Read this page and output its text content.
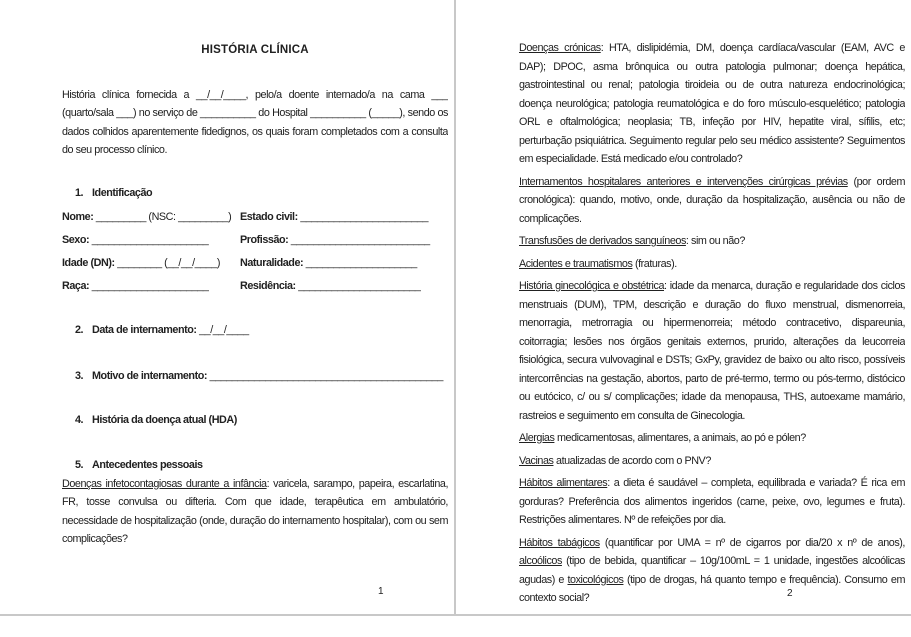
HISTÓRIA CLÍNICA

História clínica fornecida a __/__/____, pelo/a doente internado/a na cama ___ (quarto/sala ___) no serviço de __________ do Hospital __________ (_____), sendo os dados colhidos aparentemente fidedignos, os quais foram completados com a consulta do seu processo clínico.

1. Identificação
Nome: _________ (NSC: _________) Estado civil: _______________________
Sexo: _____________________	Profissão: _________________________
Idade (DN): ________ (__/__/____)	Naturalidade: ____________________
Raça: _____________________	Residência: ______________________
2. Data de internamento: __/__/____
3. Motivo de internamento: __________________________________________
4. História da doença atual (HDA)
5. Antecedentes pessoais

Doenças infetocontagiosas durante a infância: varicela, sarampo, papeira, escarlatina, FR, tosse convulsa ou difteria. Com que idade, terapêutica em ambulatório, necessidade de hospitalização (onde, duração do internamento hospitalar), com ou sem complicações?

Doenças crónicas: HTA, dislipidémia, DM, doença cardíaca/vascular (EAM, AVC e DAP); DPOC, asma brônquica ou outra patologia pulmonar; doença hepática, gastrointestinal ou renal; patologia tiroideia ou de outra natureza endocrinológica; doença neurológica; patologia reumatológica e do foro músculo-esquelético; patologia ORL e oftalmológica; neoplasia; TB, infeção por HIV, hepatite viral, sífilis, etc; perturbação psiquiátrica. Seguimento regular pelo seu médico assistente? Seguimentos em especialidade. Está medicado e/ou controlado?

Internamentos hospitalares anteriores e intervenções cirúrgicas prévias (por ordem cronológica): quando, motivo, onde, duração da hospitalização, ausência ou não de complicações.

Transfusões de derivados sanguíneos: sim ou não?

Acidentes e traumatismos (fraturas).

História ginecológica e obstétrica: idade da menarca, duração e regularidade dos ciclos menstruais (DUM), TPM, descrição e duração do fluxo menstrual, dismenorreia, menorragia, metrorragia ou hipermenorreia; método contracetivo, dispareunia, coitorragia; lesões nos órgãos genitais externos, prurido, alterações da leucorreia fisiológica, secura vulvovaginal e DSTs; GxPy, gravidez de baixo ou alto risco, possíveis intercorrências na gestação, abortos, parto de pré-termo, termo ou pós-termo, distócico ou eutócico, c/ ou s/ complicações; idade da menopausa, THS, autoexame mamário, rastreios e seguimento em consulta de Ginecologia.

Alergias medicamentosas, alimentares, a animais, ao pó e pólen?

Vacinas atualizadas de acordo com o PNV?

Hábitos alimentares: a dieta é saudável – completa, equilibrada e variada? É rica em gorduras? Preferência dos alimentos ingeridos (carne, peixe, ovo, legumes e fruta). Restrições alimentares. Nº de refeições por dia.

Hábitos tabágicos (quantificar por UMA = nº de cigarros por dia/20 x nº de anos), alcoólicos (tipo de bebida, quantificar – 10g/100mL = 1 unidade, ingestões alcoólicas agudas) e toxicológicos (tipo de drogas, há quanto tempo e frequência). Consumo em contexto social?

1	2
